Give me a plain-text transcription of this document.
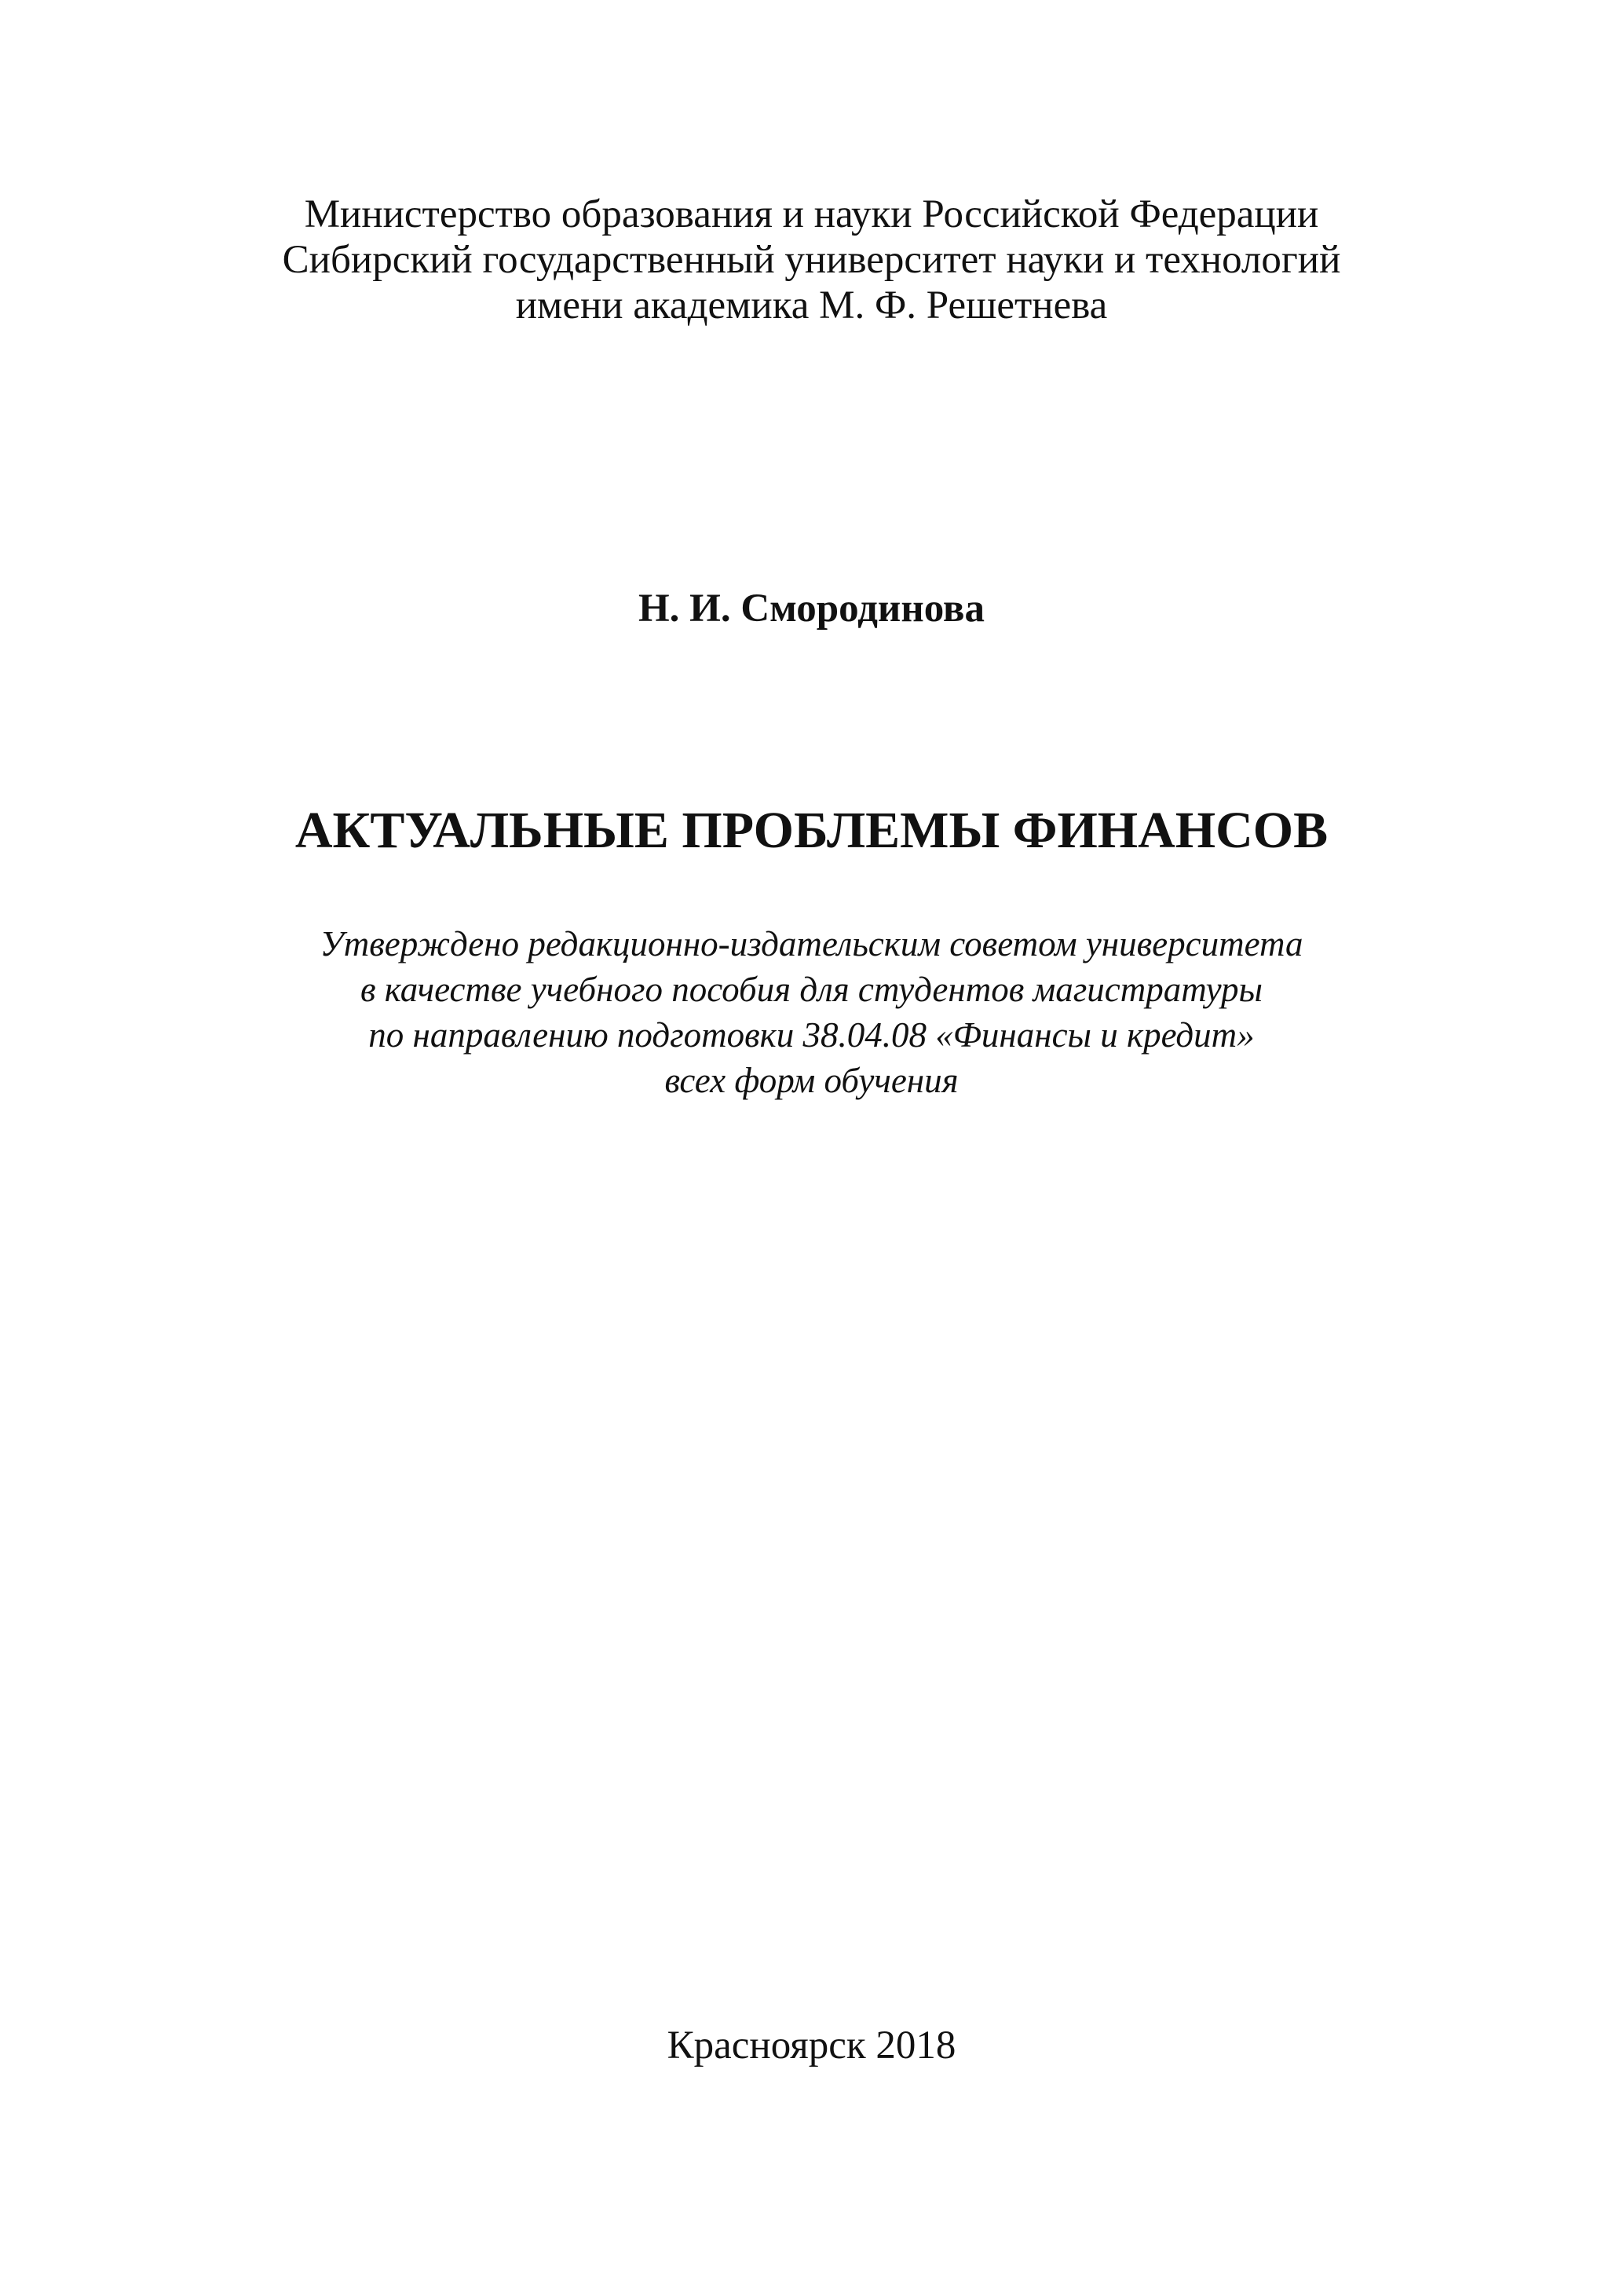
Министерство образования и науки Российской Федерации
Сибирский государственный университет науки и технологий
имени академика М. Ф. Решетнева
Н. И. Смородинова
АКТУАЛЬНЫЕ ПРОБЛЕМЫ ФИНАНСОВ
Утверждено редакционно-издательским советом университета
в качестве учебного пособия для студентов магистратуры
по направлению подготовки 38.04.08 «Финансы и кредит»
всех форм обучения
Красноярск 2018
